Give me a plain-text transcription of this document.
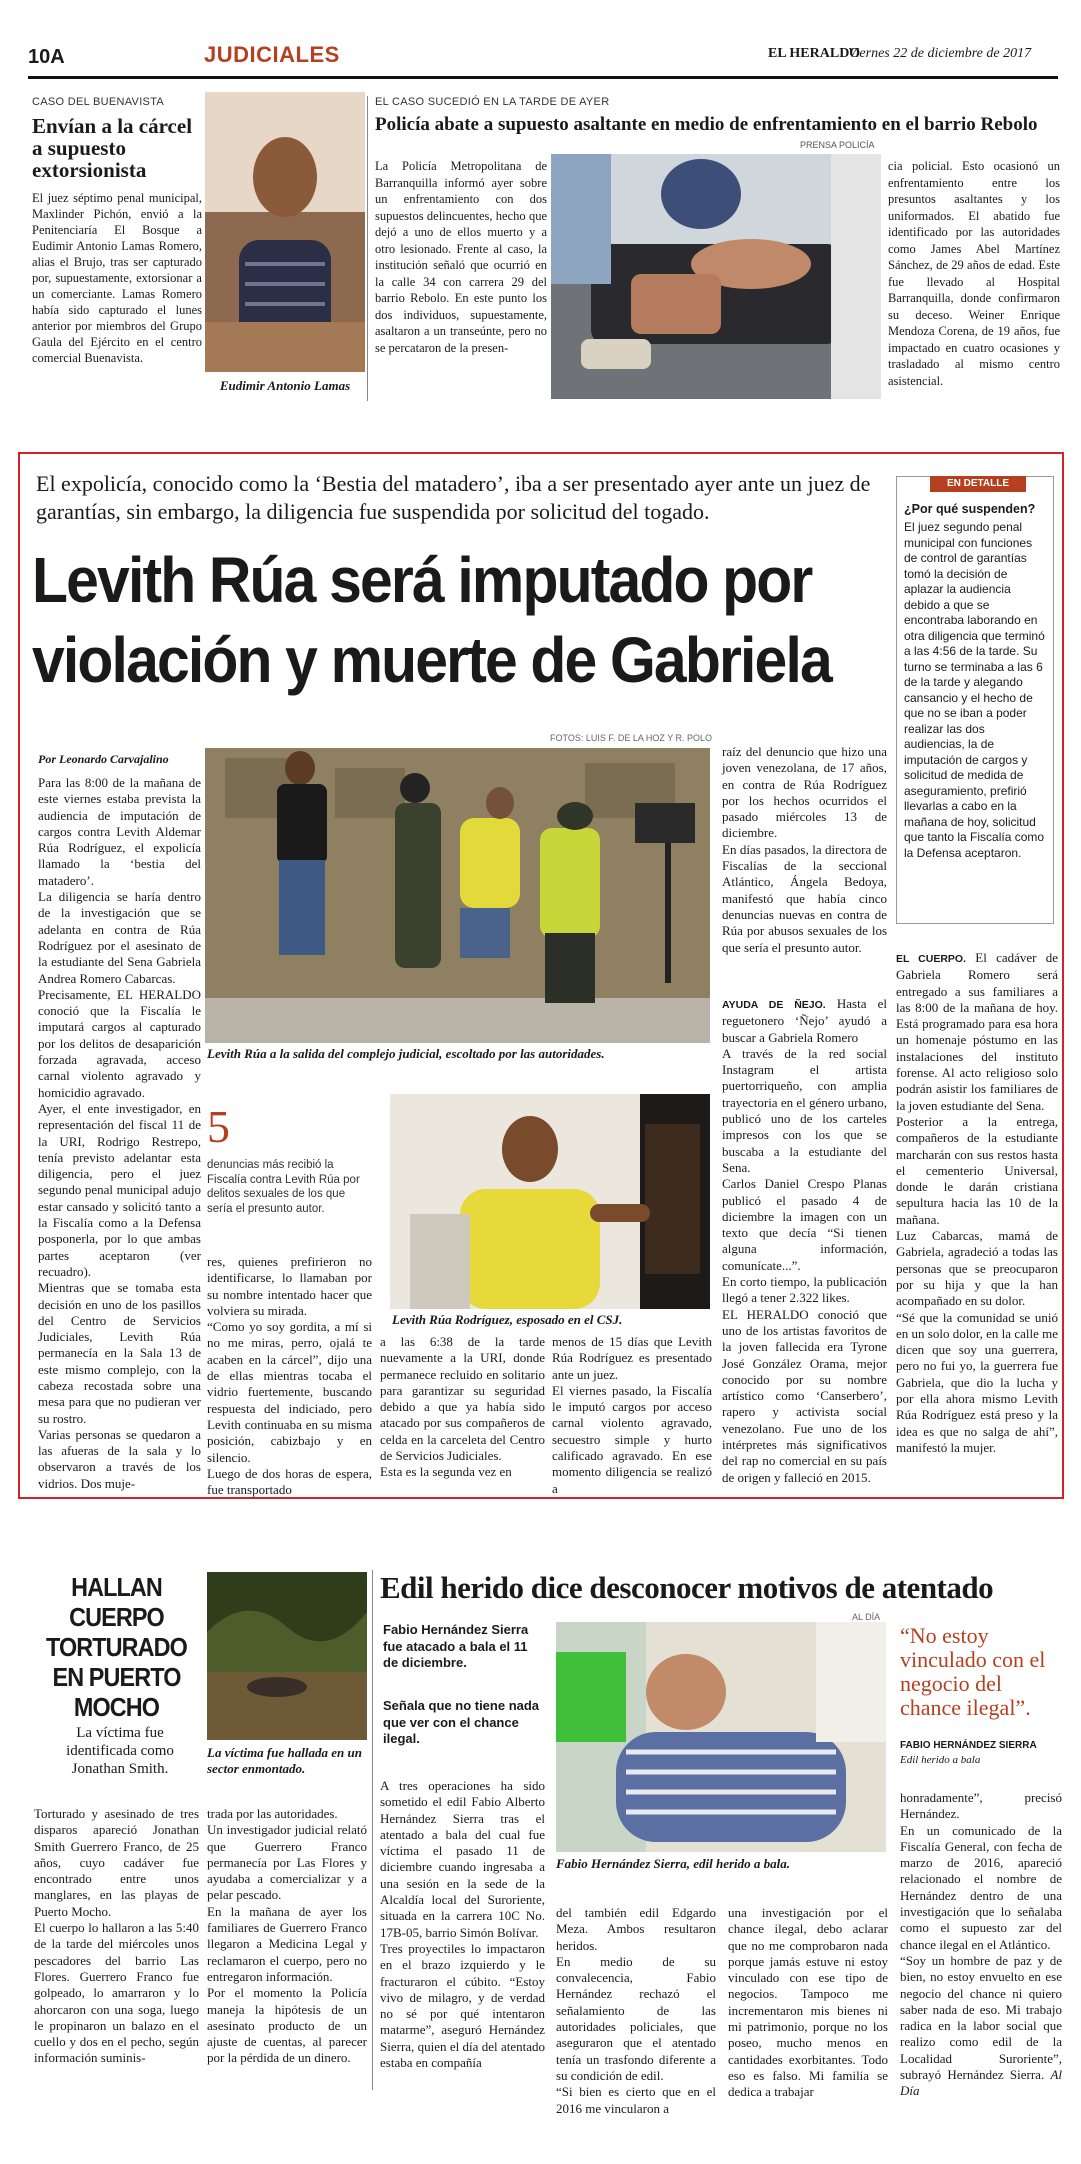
10A	JUDICIALES	EL HERALDO
Viernes 22 de diciembre de 2017
CASO DEL BUENAVISTA
Envían a la cárcel a supuesto extorsionista
El juez séptimo penal municipal, Maxlinder Pichón, envió a la Penitenciaría El Bosque a Eudimir Antonio Lamas Romero, alias el Brujo, tras ser capturado por, supuestamente, extorsionar a un comerciante. Lamas Romero había sido capturado el lunes anterior por miembros del Grupo Gaula del Ejército en el centro comercial Buenavista.
Eudimir Antonio Lamas
EL CASO SUCEDIÓ EN LA TARDE DE AYER
Policía abate a supuesto asaltante en medio de enfrentamiento en el barrio Rebolo
PRENSA POLICÍA
La Policía Metropolitana de Barranquilla informó ayer sobre un enfrentamiento con dos supuestos delincuentes, hecho que dejó a uno de ellos muerto y a otro lesionado. Frente al caso, la institución señaló que ocurrió en la calle 34 con carrera 29 del barrio Rebolo. En este punto los dos individuos, supuestamente, asaltaron a un transeúnte, pero no se percataron de la presen-
cia policial. Esto ocasionó un enfrentamiento entre los presuntos asaltantes y los uniformados. El abatido fue identificado por las autoridades como James Abel Martínez Sánchez, de 29 años de edad. Este fue llevado al Hospital Barranquilla, donde confirmaron su deceso. Weiner Enrique Mendoza Corena, de 19 años, fue impactado en cuatro ocasiones y trasladado al mismo centro asistencial.
El expolicía, conocido como la ‘Bestia del matadero’, iba a ser presentado ayer ante un juez de garantías, sin embargo, la diligencia fue suspendida por solicitud del togado.
Levith Rúa será imputado por violación y muerte de Gabriela
FOTOS: LUIS F. DE LA HOZ Y R. POLO
Por Leonardo Carvajalino
Para las 8:00 de la mañana de este viernes estaba prevista la audiencia de imputación de cargos contra Levith Aldemar Rúa Rodríguez, el expolicía llamado la ‘bestia del matadero’.
La diligencia se haría dentro de la investigación que se adelanta en contra de Rúa Rodríguez por el asesinato de la estudiante del Sena Gabriela Andrea Romero Cabarcas.
Precisamente, EL HERALDO conoció que la Fiscalía le imputará cargos al capturado por los delitos de desaparición forzada agravada, acceso carnal violento agravado y homicidio agravado.
Ayer, el ente investigador, en representación del fiscal 11 de la URI, Rodrigo Restrepo, tenía previsto adelantar esta diligencia, pero el juez segundo penal municipal adujo estar cansado y solicitó tanto a la Fiscalía como a la Defensa posponerla, por lo que ambas partes aceptaron (ver recuadro).
Mientras que se tomaba esta decisión en uno de los pasillos del Centro de Servicios Judiciales, Levith Rúa permanecía en la Sala 13 de este mismo complejo, con la cabeza recostada sobre una mesa para que no pudieran ver su rostro.
Varias personas se quedaron a las afueras de la sala y lo observaron a través de los vidrios. Dos muje-
Levith Rúa a la salida del complejo judicial, escoltado por las autoridades.
5
denuncias más recibió la Fiscalía contra Levith Rúa por delitos sexuales de los que sería el presunto autor.
Levith Rúa Rodríguez, esposado en el CSJ.
res, quienes prefirieron no identificarse, lo llamaban por su nombre intentado hacer que volviera su mirada.
“Como yo soy gordita, a mí si no me miras, perro, ojalá te acaben en la cárcel”, dijo una de ellas mientras tocaba el vidrio fuertemente, buscando respuesta del indiciado, pero Levith continuaba en su misma posición, cabizbajo y en silencio.
Luego de dos horas de espera, fue transportado
a las 6:38 de la tarde nuevamente a la URI, donde permanece recluido en solitario para garantizar su seguridad debido a que ya había sido atacado por sus compañeros de celda en la carceleta del Centro de Servicios Judiciales.
Esta es la segunda vez en
menos de 15 días que Levith Rúa Rodríguez es presentado ante un juez.
El viernes pasado, la Fiscalía le imputó cargos por acceso carnal violento agravado, secuestro simple y hurto calificado agravado. En ese momento diligencia se realizó a
raíz del denuncio que hizo una joven venezolana, de 17 años, en contra de Rúa Rodríguez por los hechos ocurridos el pasado miércoles 13 de diciembre.
En días pasados, la directora de Fiscalías de la seccional Atlántico, Ángela Bedoya, manifestó que había cinco denuncias nuevas en contra de Rúa por abusos sexuales de los que sería el presunto autor.
AYUDA DE ÑEJO. Hasta el reguetonero ‘Ñejo’ ayudó a buscar a Gabriela Romero
A través de la red social Instagram el artista puertorriqueño, con amplia trayectoria en el género urbano, publicó uno de los carteles impresos con los que se buscaba a la estudiante del Sena.
Carlos Daniel Crespo Planas publicó el pasado 4 de diciembre la imagen con un texto que decía “Si tienen alguna información, comunícate...”.
En corto tiempo, la publicación llegó a tener 2.322 likes.
EL HERALDO conoció que uno de los artistas favoritos de la joven fallecida era Tyrone José González Orama, mejor conocido por su nombre artístico como ‘Canserbero’, rapero y activista social venezolano. Fue uno de los intérpretes más significativos del rap no comercial en su país de origen y falleció en 2015.
EN DETALLE
¿Por qué suspenden?
El juez segundo penal municipal con funciones de control de garantías tomó la decisión de aplazar la audiencia debido a que se encontraba laborando en otra diligencia que terminó a las 4:56 de la tarde. Su turno se terminaba a las 6 de la tarde y alegando cansancio y el hecho de que no se iban a poder realizar las dos audiencias, la de imputación de cargos y solicitud de medida de aseguramiento, prefirió llevarlas a cabo en la mañana de hoy, solicitud que tanto la Fiscalía como la Defensa aceptaron.
EL CUERPO. El cadáver de Gabriela Romero será entregado a sus familiares a las 8:00 de la mañana de hoy. Está programado para esa hora un homenaje póstumo en las instalaciones del instituto forense. Al acto religioso solo podrán asistir los familiares de la joven estudiante del Sena.
Posterior a la entrega, compañeros de la estudiante marcharán con sus restos hasta el cementerio Universal, donde le darán cristiana sepultura hacia las 10 de la mañana.
Luz Cabarcas, mamá de Gabriela, agradeció a todas las personas que se preocuparon por su hija y que la han acompañado en su dolor.
“Sé que la comunidad se unió en un solo dolor, en la calle me dicen que soy una guerrera, pero no fui yo, la guerrera fue Gabriela, que dio la lucha y por ella ahora mismo Levith Rúa Rodríguez está preso y la idea es que no salga de ahí”, manifestó la mujer.
HALLAN CUERPO TORTURADO EN PUERTO MOCHO
La víctima fue identificada como Jonathan Smith.
La víctima fue hallada en un sector enmontado.
Torturado y asesinado de tres disparos apareció Jonathan Smith Guerrero Franco, de 25 años, cuyo cadáver fue encontrado entre unos manglares, en las playas de Puerto Mocho.
El cuerpo lo hallaron a las 5:40 de la tarde del miércoles unos pescadores del barrio Las Flores. Guerrero Franco fue golpeado, lo amarraron y lo ahorcaron con una soga, luego le propinaron un balazo en el cuello y dos en el pecho, según información suminis-
trada por las autoridades.
Un investigador judicial relató que Guerrero Franco permanecía por Las Flores y ayudaba a comercializar y a pelar pescado.
En la mañana de ayer los familiares de Guerrero Franco llegaron a Medicina Legal y reclamaron el cuerpo, pero no entregaron información.
Por el momento la Policía maneja la hipótesis de un asesinato producto de un ajuste de cuentas, al parecer por la pérdida de un dinero.
Edil herido dice desconocer motivos de atentado
AL DÍA
Fabio Hernández Sierra fue atacado a bala el 11 de diciembre.
Señala que no tiene nada que ver con el chance ilegal.
A tres operaciones ha sido sometido el edil Fabio Alberto Hernández Sierra tras el atentado a bala del cual fue víctima el pasado 11 de diciembre cuando ingresaba a una sesión en la sede de la Alcaldía local del Suroriente, situada en la carrera 10C No. 17B-05, barrio Simón Bolívar.
Tres proyectiles lo impactaron en el brazo izquierdo y le fracturaron el cúbito. “Estoy vivo de milagro, y de verdad no sé por qué intentaron matarme”, aseguró Hernández Sierra, quien el día del atentado estaba en compañía
Fabio Hernández Sierra, edil herido a bala.
“No estoy vinculado con el negocio del chance ilegal”.
FABIO HERNÁNDEZ SIERRA
Edil herido a bala
del también edil Edgardo Meza. Ambos resultaron heridos.
En medio de su convalecencia, Fabio Hernández rechazó el señalamiento de las autoridades policiales, que aseguraron que el atentado tenía un trasfondo diferente a su condición de edil.
“Si bien es cierto que en el 2016 me vincularon a
una investigación por el chance ilegal, debo aclarar que no me comprobaron nada porque jamás estuve ni estoy vinculado con ese tipo de negocios. Tampoco me incrementaron mis bienes ni mi patrimonio, porque no los poseo, mucho menos en cantidades exorbitantes. Todo eso es falso. Mi familia se dedica a trabajar
honradamente”, precisó Hernández.
En un comunicado de la Fiscalía General, con fecha de marzo de 2016, apareció relacionado el nombre de Hernández dentro de una investigación que lo señalaba como el supuesto zar del chance ilegal en el Atlántico.
“Soy un hombre de paz y de bien, no estoy envuelto en ese negocio del chance ni quiero saber nada de eso. Mi trabajo radica en la labor social que realizo como edil de la Localidad Suroriente”, subrayó Hernández Sierra. Al Día
